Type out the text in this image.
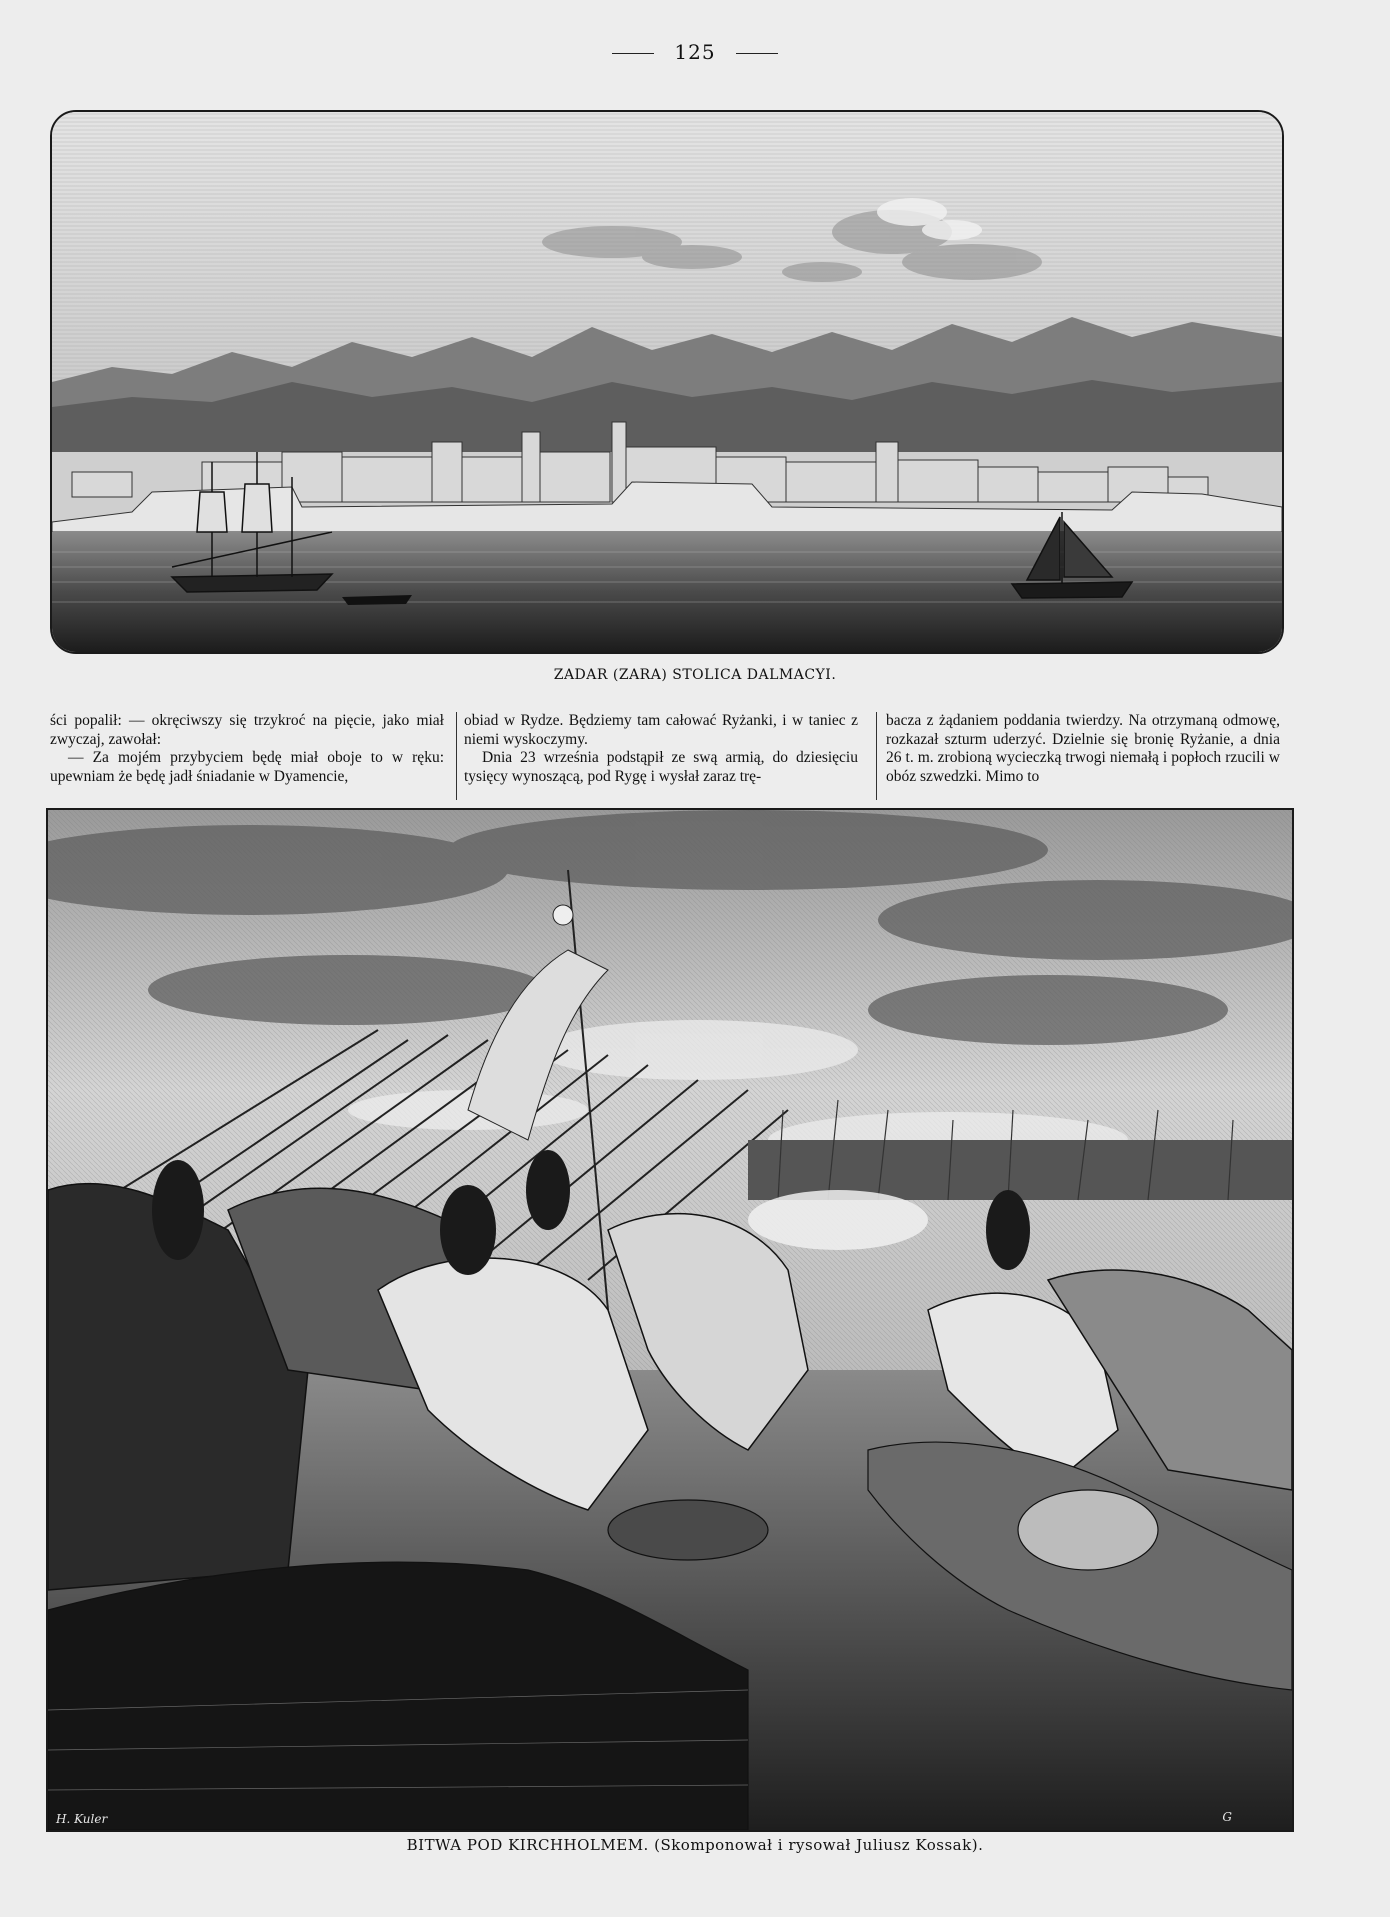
125
ZADAR (ZARA) STOLICA DALMACYI.

ści popalił: — okręciwszy się trzykroć na pięcie, jako miał zwyczaj, zawołał:

— Za mojém przybyciem będę miał oboje to w ręku: upewniam że będę jadł śniadanie w Dyamencie,

obiad w Rydze. Będziemy tam całować Ryżanki, i w taniec z niemi wyskoczymy.

Dnia 23 września podstąpił ze swą armią, do dziesięciu tysięcy wynoszącą, pod Rygę i wysłał zaraz trę-

bacza z żądaniem poddania twierdzy. Na otrzymaną odmowę, rozkazał szturm uderzyć. Dzielnie się bronię Ryżanie, a dnia 26 t. m. zrobioną wycieczką trwogi niemałą i popłoch rzucili w obóz szwedzki. Mimo to

H. Kuler	G
BITWA POD KIRCHHOLMEM. (Skomponował i rysował Juliusz Kossak).
